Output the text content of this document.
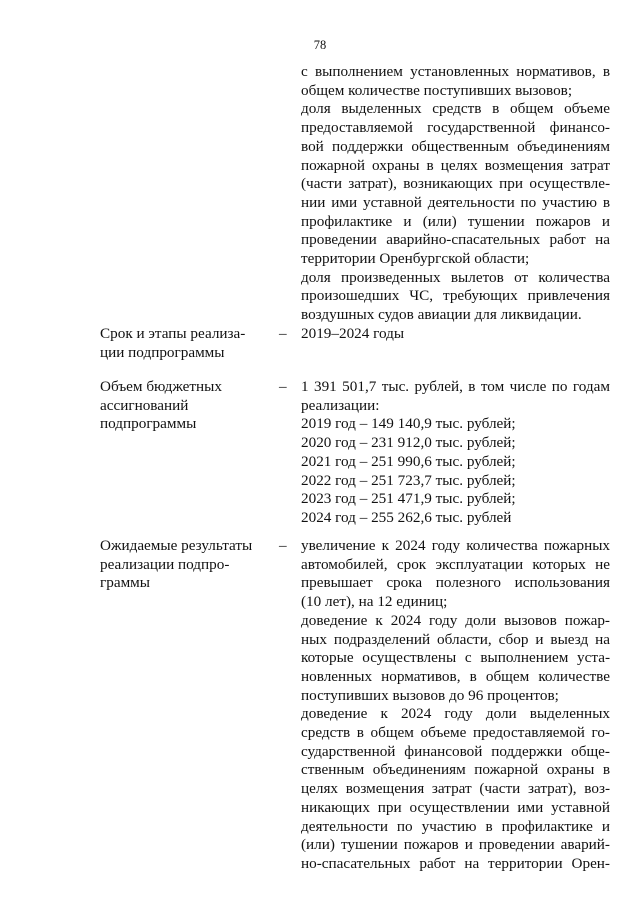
78
с выполнением установленных нормативов, в
общем количестве поступивших вызовов;
доля выделенных средств в общем объеме
предоставляемой государственной финансо-
вой поддержки общественным объединениям
пожарной охраны в целях возмещения затрат
(части затрат), возникающих при осуществле-
нии ими уставной деятельности по участию в
профилактике и (или) тушении пожаров и
проведении аварийно-спасательных работ на
территории Оренбургской области;
доля произведенных вылетов от количества
произошедших ЧС, требующих привлечения
воздушных судов авиации для ликвидации.
Срок и этапы реализа-
ции подпрограммы
– 2019–2024 годы
Объем бюджетных
ассигнований
подпрограммы
– 1 391 501,7 тыс. рублей, в том числе по годам
реализации:
2019 год – 149 140,9 тыс. рублей;
2020 год – 231 912,0 тыс. рублей;
2021 год – 251 990,6 тыс. рублей;
2022 год – 251 723,7 тыс. рублей;
2023 год – 251 471,9 тыс. рублей;
2024 год – 255 262,6 тыс. рублей
Ожидаемые результаты
реализации подпро-
граммы
– увеличение к 2024 году количества пожарных
автомобилей, срок эксплуатации которых не
превышает срока полезного использования
(10 лет), на 12 единиц;
доведение к 2024 году доли вызовов пожар-
ных подразделений области, сбор и выезд на
которые осуществлены с выполнением уста-
новленных нормативов, в общем количестве
поступивших вызовов до 96 процентов;
доведение к 2024 году доли выделенных
средств в общем объеме предоставляемой го-
сударственной финансовой поддержки обще-
ственным объединениям пожарной охраны в
целях возмещения затрат (части затрат), воз-
никающих при осуществлении ими уставной
деятельности по участию в профилактике и
(или) тушении пожаров и проведении аварий-
но-спасательных работ на территории Орен-
